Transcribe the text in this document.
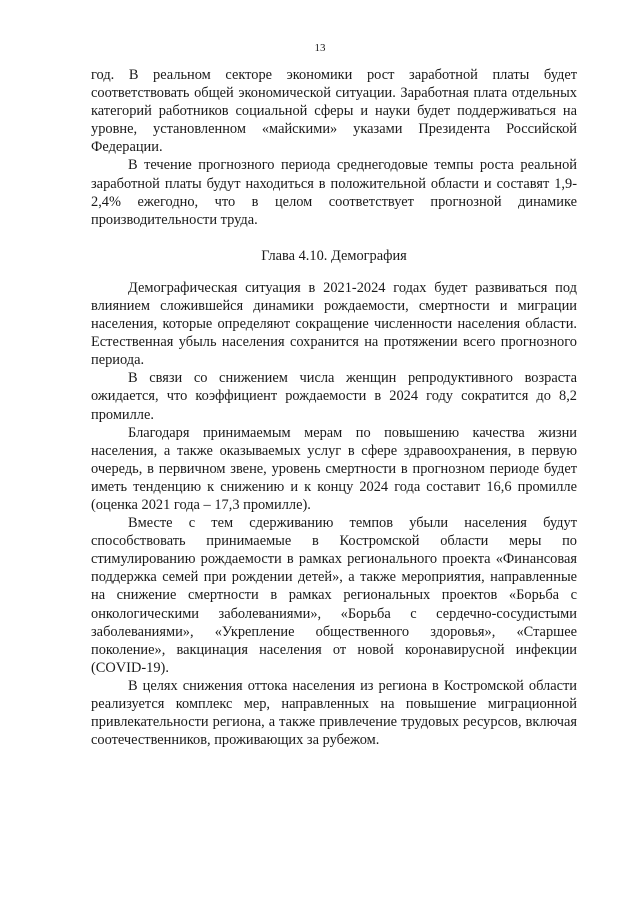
13

год. В реальном секторе экономики рост заработной платы будет соответствовать общей экономической ситуации. Заработная плата отдельных категорий работников социальной сферы и науки будет поддерживаться на уровне, установленном «майскими» указами Президента Российской Федерации.

В течение прогнозного периода среднегодовые темпы роста реальной заработной платы будут находиться в положительной области и составят 1,9-2,4% ежегодно, что в целом соответствует прогнозной динамике производительности труда.

Глава 4.10. Демография

Демографическая ситуация в 2021-2024 годах будет развиваться под влиянием сложившейся динамики рождаемости, смертности и миграции населения, которые определяют сокращение численности населения области. Естественная убыль населения сохранится на протяжении всего прогнозного периода.

В связи со снижением числа женщин репродуктивного возраста ожидается, что коэффициент рождаемости в 2024 году сократится до 8,2 промилле.

Благодаря принимаемым мерам по повышению качества жизни населения, а также оказываемых услуг в сфере здравоохранения, в первую очередь, в первичном звене, уровень смертности в прогнозном периоде будет иметь тенденцию к снижению и к концу 2024 года составит 16,6 промилле (оценка 2021 года – 17,3 промилле).

Вместе с тем сдерживанию темпов убыли населения будут способствовать принимаемые в Костромской области меры по стимулированию рождаемости в рамках регионального проекта «Финансовая поддержка семей при рождении детей», а также мероприятия, направленные на снижение смертности в рамках региональных проектов «Борьба с онкологическими заболеваниями», «Борьба с сердечно-сосудистыми заболеваниями», «Укрепление общественного здоровья», «Старшее поколение», вакцинация населения от новой коронавирусной инфекции (COVID-19).

В целях снижения оттока населения из региона в Костромской области реализуется комплекс мер, направленных на повышение миграционной привлекательности региона, а также привлечение трудовых ресурсов, включая соотечественников, проживающих за рубежом.
